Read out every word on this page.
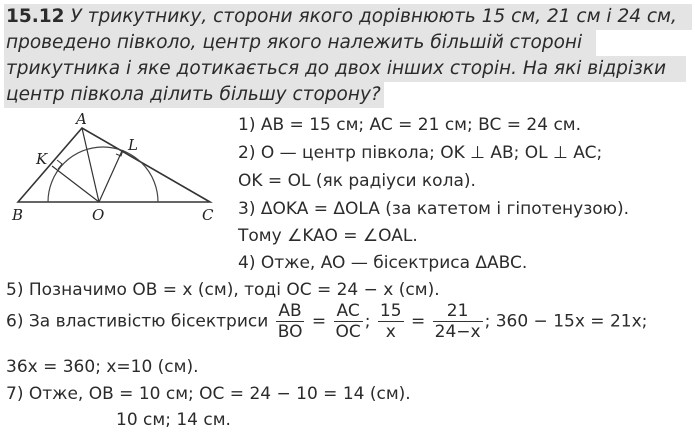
15.12 У трикутнику, сторони якого дорівнюють 15 см, 21 см і 24 см,
проведено півколо, центр якого належить більшій стороні
трикутника і яке дотикається до двох інших сторін. На які відрізки
центр півкола ділить більшу сторону?
A
B	C
O
K
L
1) AB = 15 см; AC = 21 см; BC = 24 см.
2) O — центр півкола; OK ⊥ AB; OL ⊥ AC;
OK = OL (як радіуси кола).
3) ΔOKA = ΔOLA (за катетом і гіпотенузою).
Тому ∠KAO = ∠OAL.
4) Отже, AO — бісектриса ΔABC.
5) Позначимо OB = x (см), тоді OC = 24 − x (см).
6) За властивістю бісектриси $\frac{AB}{BO} = \frac{AC}{OC}$ ; $\frac{15}{x} = \frac{21}{24-x}$ ; 360 − 15x = 21x;
36x = 360; x=10 (см).
7) Отже, OB = 10 см; OC = 24 − 10 = 14 (см).
10 см; 14 см.
